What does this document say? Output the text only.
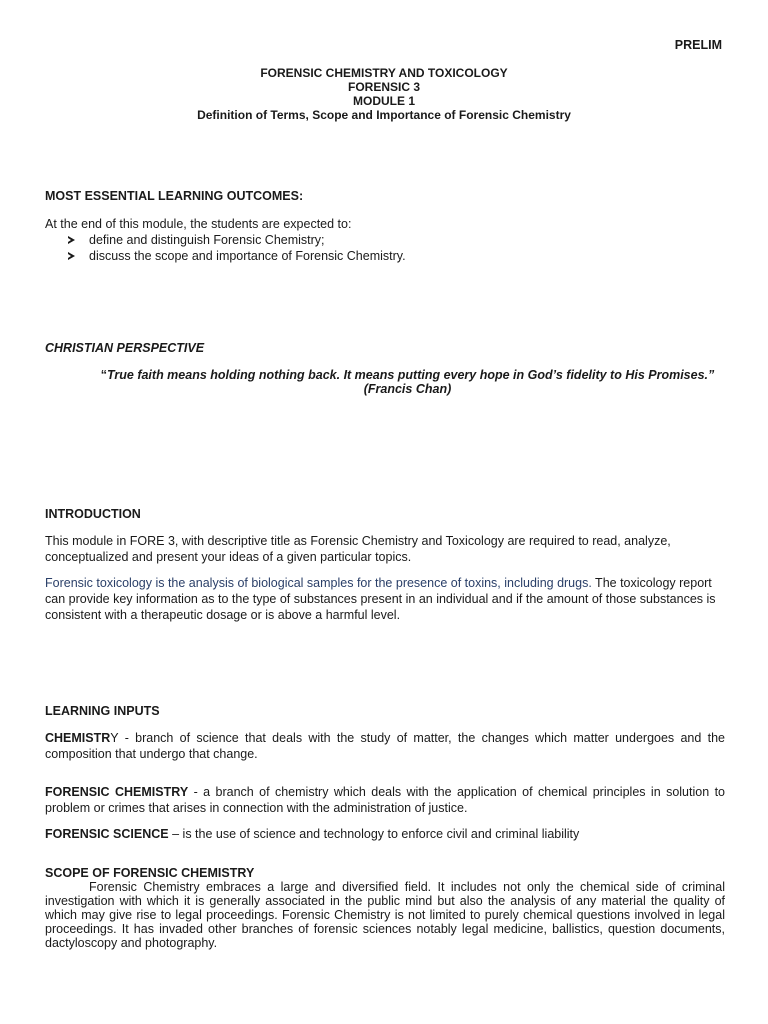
PRELIM
FORENSIC CHEMISTRY AND TOXICOLOGY
FORENSIC 3
MODULE 1
Definition of Terms, Scope and Importance of Forensic Chemistry
MOST ESSENTIAL LEARNING OUTCOMES:
At the end of this module, the students are expected to:
define and distinguish Forensic Chemistry;
discuss the scope and importance of Forensic Chemistry.
CHRISTIAN PERSPECTIVE
“True faith means holding nothing back. It means putting every hope in God’s fidelity to His Promises.”
(Francis Chan)
INTRODUCTION
This module in FORE 3, with descriptive title as Forensic Chemistry and Toxicology are required to read, analyze, conceptualized and present your ideas of a given particular topics.
Forensic toxicology is the analysis of biological samples for the presence of toxins, including drugs. The toxicology report can provide key information as to the type of substances present in an individual and if the amount of those substances is consistent with a therapeutic dosage or is above a harmful level.
LEARNING INPUTS
CHEMISTRY - branch of science that deals with the study of matter, the changes which matter undergoes and the composition that undergo that change.
FORENSIC CHEMISTRY - a branch of chemistry which deals with the application of chemical principles in solution to problem or crimes that arises in connection with the administration of justice.
FORENSIC SCIENCE – is the use of science and technology to enforce civil and criminal liability
SCOPE OF FORENSIC CHEMISTRY
Forensic Chemistry embraces a large and diversified field. It includes not only the chemical side of criminal investigation with which it is generally associated in the public mind but also the analysis of any material the quality of which may give rise to legal proceedings. Forensic Chemistry is not limited to purely chemical questions involved in legal proceedings. It has invaded other branches of forensic sciences notably legal medicine, ballistics, question documents, dactyloscopy and photography.
